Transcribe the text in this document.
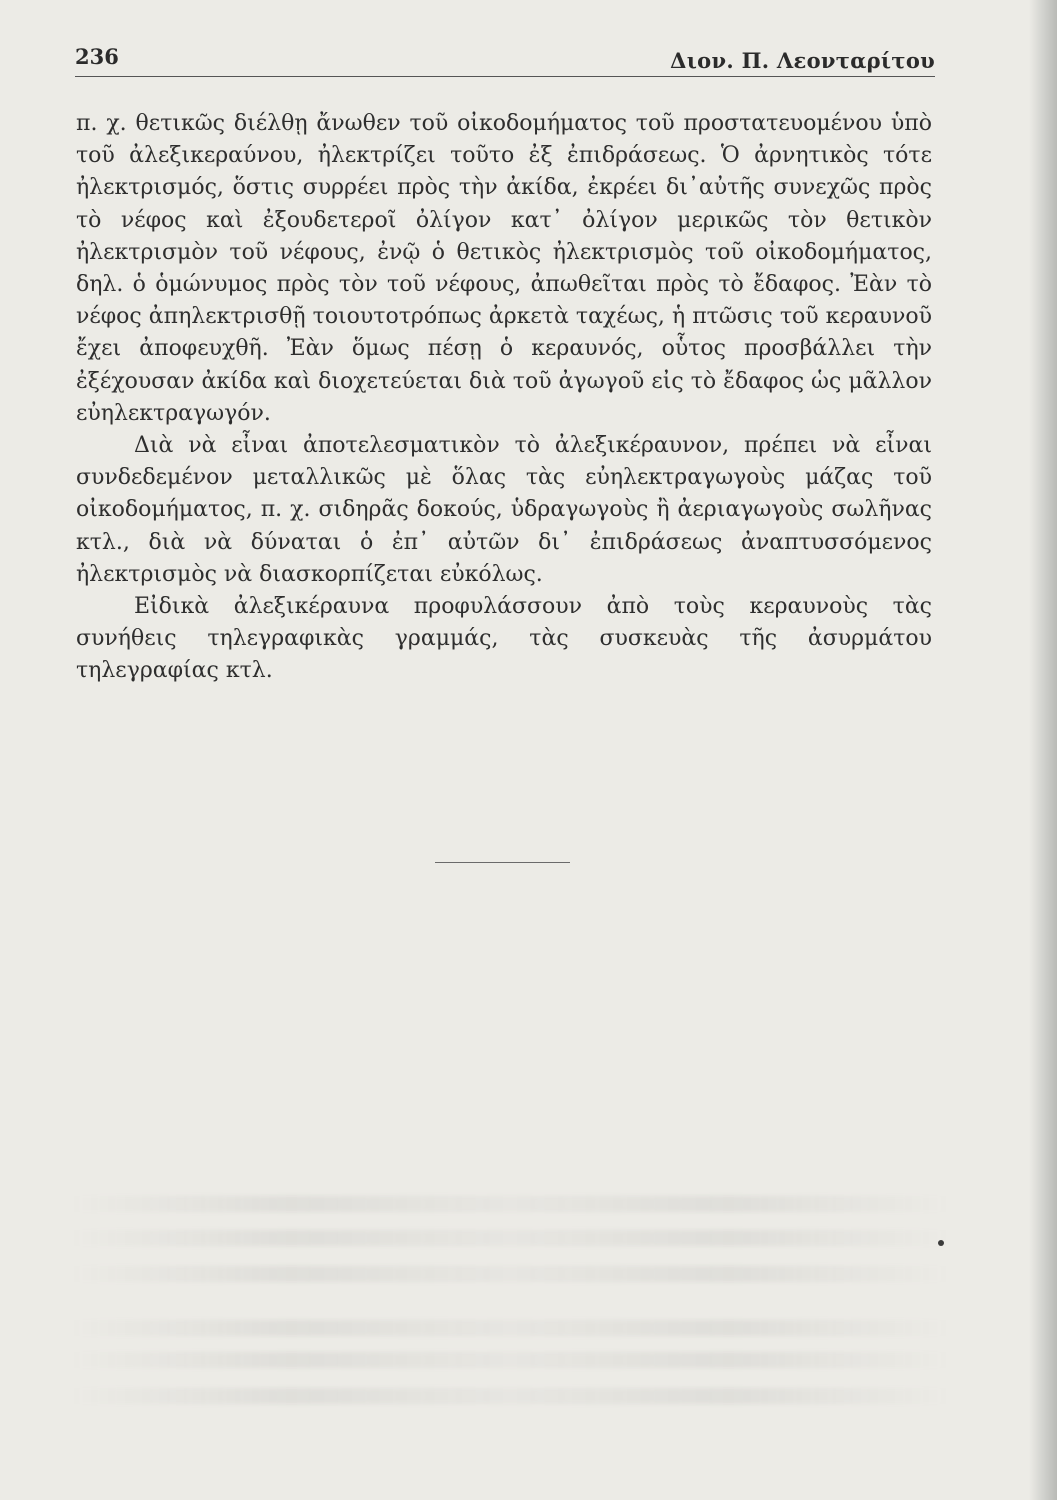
236	Διον. Π. Λεονταρίτου

π. χ. θετικῶς διέλθῃ ἄνωθεν τοῦ οἰκοδομήματος τοῦ προστατευομένου ὑπὸ τοῦ ἀλεξικεραύνου, ἠλεκτρίζει τοῦτο ἐξ ἐπιδράσεως. Ὁ ἀρνητικὸς τότε ἠλεκτρισμός, ὅστις συρρέει πρὸς τὴν ἀκίδα, ἐκρέει δι᾽αὐτῆς συνεχῶς πρὸς τὸ νέφος καὶ ἐξουδετεροῖ ὀλίγον κατ᾽ ὀλίγον μερικῶς τὸν θετικὸν ἠλεκτρισμὸν τοῦ νέφους, ἐνῷ ὁ θετικὸς ἠλεκτρισμὸς τοῦ οἰκοδομήματος, δηλ. ὁ ὁμώνυμος πρὸς τὸν τοῦ νέφους, ἀπωθεῖται πρὸς τὸ ἔδαφος. Ἐὰν τὸ νέφος ἀπηλεκτρισθῇ τοιουτοτρόπως ἀρκετὰ ταχέως, ἡ πτῶσις τοῦ κεραυνοῦ ἔχει ἀποφευχθῆ. Ἐὰν ὅμως πέσῃ ὁ κεραυνός, οὗτος προσβάλλει τὴν ἐξέχουσαν ἀκίδα καὶ διοχετεύεται διὰ τοῦ ἀγωγοῦ εἰς τὸ ἔδαφος ὡς μᾶλλον εὐηλεκτραγωγόν.

Διὰ νὰ εἶναι ἀποτελεσματικὸν τὸ ἀλεξικέραυνον, πρέπει νὰ εἶναι συνδεδεμένον μεταλλικῶς μὲ ὅλας τὰς εὐηλεκτραγωγοὺς μάζας τοῦ οἰκοδομήματος, π. χ. σιδηρᾶς δοκούς, ὑδραγωγοὺς ἢ ἀεριαγωγοὺς σωλῆνας κτλ., διὰ νὰ δύναται ὁ ἐπ᾽ αὐτῶν δι᾽ ἐπιδράσεως ἀναπτυσσόμενος ἠλεκτρισμὸς νὰ διασκορπίζεται εὐκόλως.

Εἰδικὰ ἀλεξικέραυνα προφυλάσσουν ἀπὸ τοὺς κεραυνοὺς τὰς συνήθεις τηλεγραφικὰς γραμμάς, τὰς συσκευὰς τῆς ἀσυρμάτου τηλεγραφίας κτλ.
